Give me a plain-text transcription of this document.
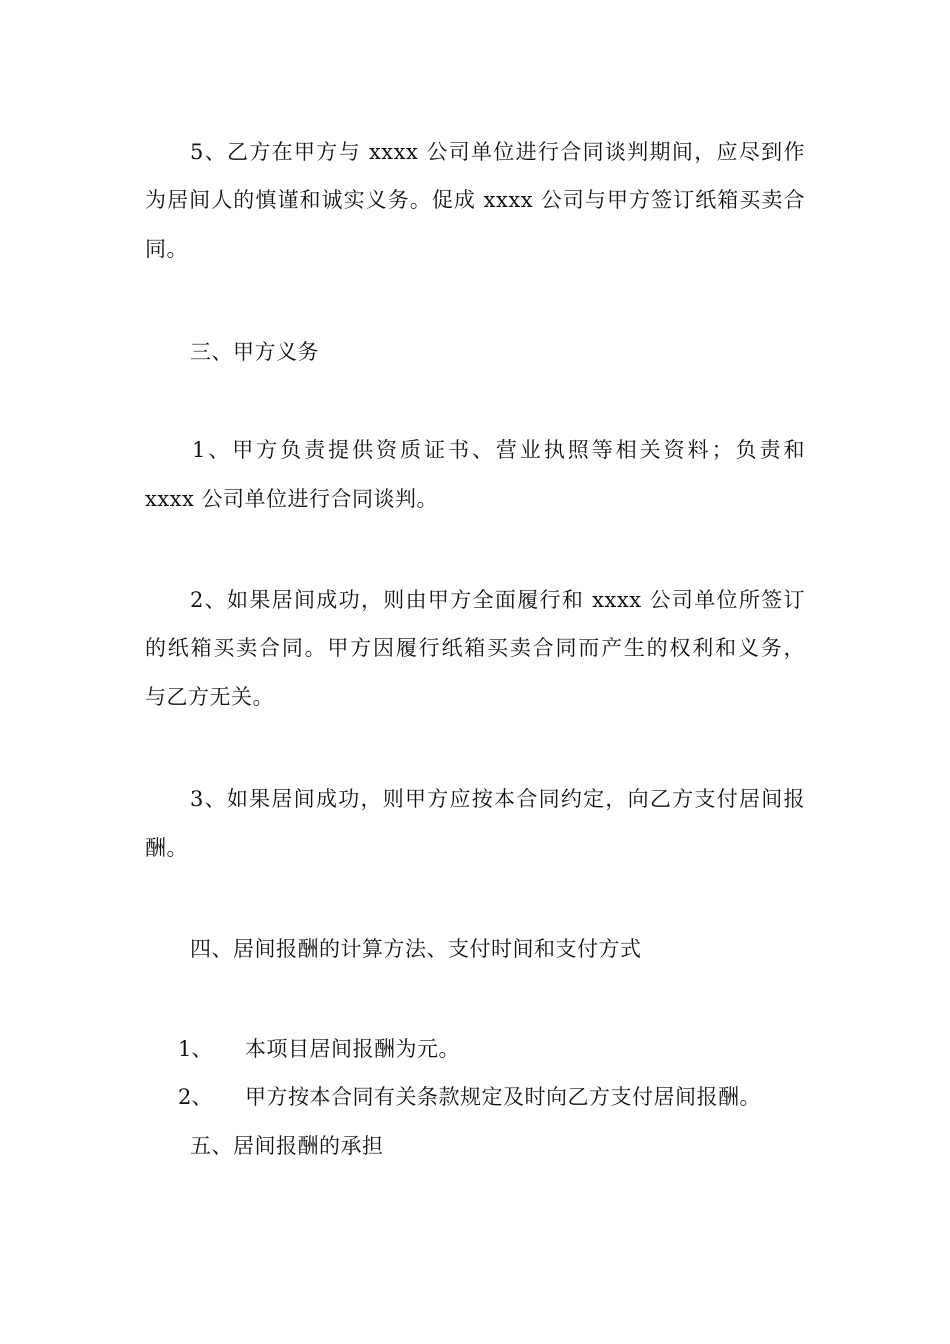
5、乙方在甲方与 xxxx 公司单位进行合同谈判期间，应尽到作
为居间人的慎谨和诚实义务。促成 xxxx 公司与甲方签订纸箱买卖合
同。
三、甲方义务
1、甲方负责提供资质证书、营业执照等相关资料；负责和
xxxx 公司单位进行合同谈判。
2、如果居间成功，则由甲方全面履行和 xxxx 公司单位所签订
的纸箱买卖合同。甲方因履行纸箱买卖合同而产生的权利和义务，
与乙方无关。
3、如果居间成功，则甲方应按本合同约定，向乙方支付居间报
酬。
四、居间报酬的计算方法、支付时间和支付方式
1、 本项目居间报酬为元。
2、 甲方按本合同有关条款规定及时向乙方支付居间报酬。
五、居间报酬的承担
